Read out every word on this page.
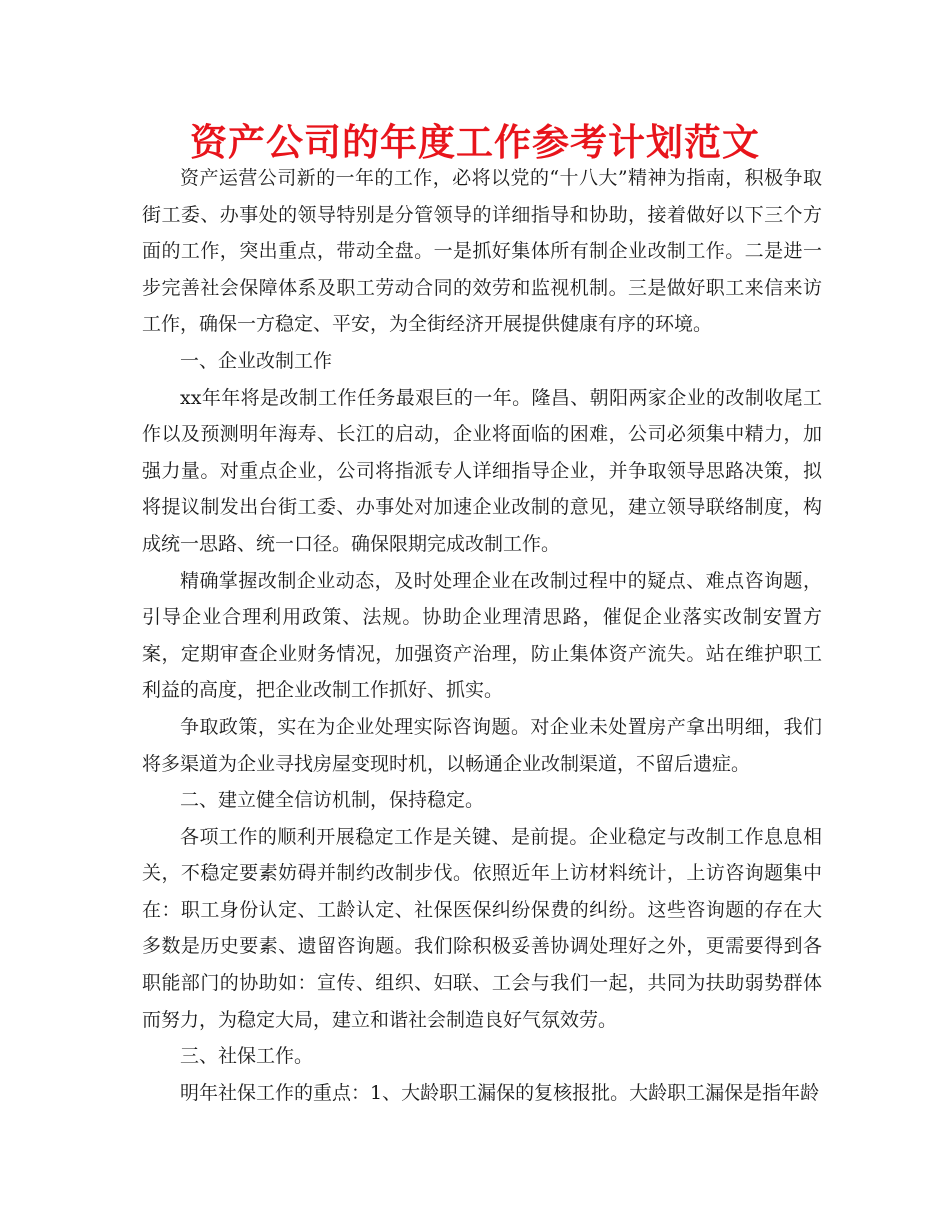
资产公司的年度工作参考计划范文

资产运营公司新的一年的工作，必将以党的“十八大”精神为指南，积极争取街工委、办事处的领导特别是分管领导的详细指导和协助，接着做好以下三个方面的工作，突出重点，带动全盘。一是抓好集体所有制企业改制工作。二是进一步完善社会保障体系及职工劳动合同的效劳和监视机制。三是做好职工来信来访工作，确保一方稳定、平安，为全街经济开展提供健康有序的环境。

一、企业改制工作

xx年年将是改制工作任务最艰巨的一年。隆昌、朝阳两家企业的改制收尾工作以及预测明年海寿、长江的启动，企业将面临的困难，公司必须集中精力，加强力量。对重点企业，公司将指派专人详细指导企业，并争取领导思路决策，拟将提议制发出台街工委、办事处对加速企业改制的意见，建立领导联络制度，构成统一思路、统一口径。确保限期完成改制工作。

精确掌握改制企业动态，及时处理企业在改制过程中的疑点、难点咨询题，引导企业合理利用政策、法规。协助企业理清思路，催促企业落实改制安置方案，定期审查企业财务情况，加强资产治理，防止集体资产流失。站在维护职工利益的高度，把企业改制工作抓好、抓实。

争取政策，实在为企业处理实际咨询题。对企业未处置房产拿出明细，我们将多渠道为企业寻找房屋变现时机，以畅通企业改制渠道，不留后遗症。

二、建立健全信访机制，保持稳定。

各项工作的顺利开展稳定工作是关键、是前提。企业稳定与改制工作息息相关，不稳定要素妨碍并制约改制步伐。依照近年上访材料统计，上访咨询题集中在：职工身份认定、工龄认定、社保医保纠纷保费的纠纷。这些咨询题的存在大多数是历史要素、遗留咨询题。我们除积极妥善协调处理好之外，更需要得到各职能部门的协助如：宣传、组织、妇联、工会与我们一起，共同为扶助弱势群体而努力，为稳定大局，建立和谐社会制造良好气氛效劳。

三、社保工作。

明年社保工作的重点：1、大龄职工漏保的复核报批。大龄职工漏保是指年龄
